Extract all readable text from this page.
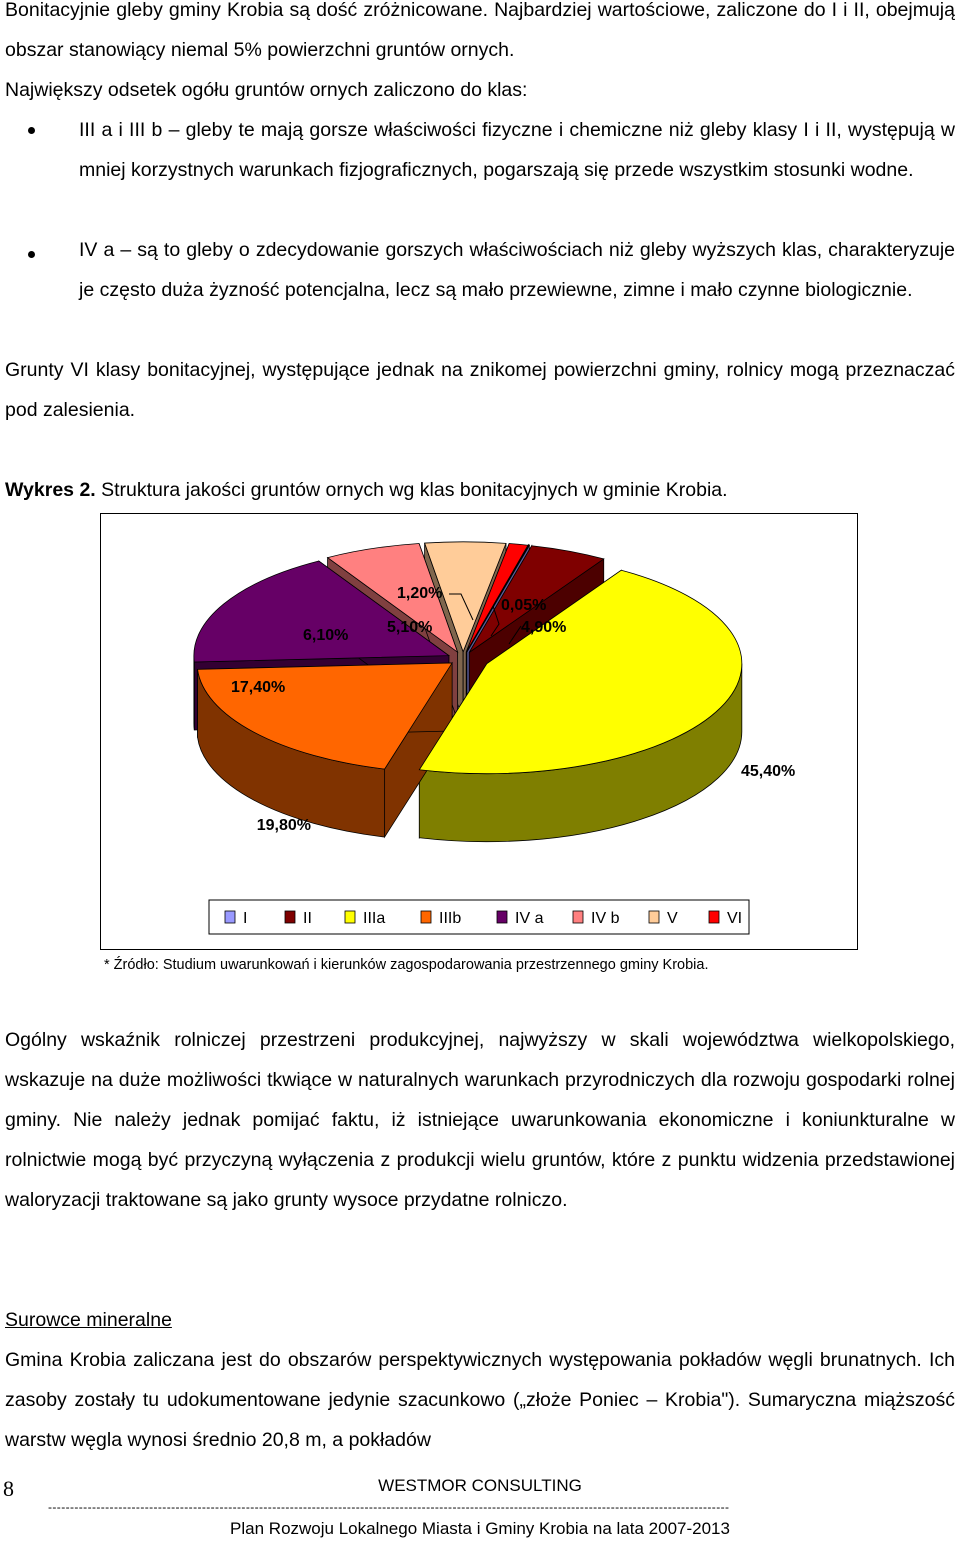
Bonitacyjnie gleby gminy Krobia są dość zróżnicowane. Najbardziej wartościowe, zaliczone do I i II, obejmują obszar stanowiący niemal 5% powierzchni gruntów ornych.

Największy odsetek ogółu gruntów ornych zaliczono do klas:

III a i III b – gleby te mają gorsze właściwości fizyczne i chemiczne niż gleby klasy I i II, występują w mniej korzystnych warunkach fizjograficznych, pogarszają się przede wszystkim stosunki wodne.

IV a – są to gleby o zdecydowanie gorszych właściwościach niż gleby wyższych klas, charakteryzuje je często duża żyzność potencjalna, lecz są mało przewiewne, zimne i mało czynne biologicznie.

Grunty VI klasy bonitacyjnej, występujące jednak na znikomej powierzchni gminy, rolnicy mogą przeznaczać pod zalesienia.

Wykres 2. Struktura jakości gruntów ornych wg klas bonitacyjnych w gminie Krobia.
0,05%
4,90%
45,40%
19,80%
17,40%
6,10% 5,10%
1,20%
I	II	IIIa	IIIb	IV a	IV b	V	VI
* Źródło: Studium uwarunkowań i kierunków zagospodarowania przestrzennego gminy Krobia.

Ogólny wskaźnik rolniczej przestrzeni produkcyjnej, najwyższy w skali województwa wielkopolskiego, wskazuje na duże możliwości tkwiące w naturalnych warunkach przyrodniczych dla rozwoju gospodarki rolnej gminy. Nie należy jednak pomijać faktu, iż istniejące uwarunkowania ekonomiczne i koniunkturalne w rolnictwie mogą być przyczyną wyłączenia z produkcji wielu gruntów, które z punktu widzenia przedstawionej waloryzacji traktowane są jako grunty wysoce przydatne rolniczo.

Surowce mineralne

Gmina Krobia zaliczana jest do obszarów perspektywicznych występowania pokładów węgli brunatnych. Ich zasoby zostały tu udokumentowane jedynie szacunkowo („złoże Poniec – Krobia"). Sumaryczna miąższość warstw węgla wynosi średnio 20,8 m, a pokładów

8	WESTMOR CONSULTING
-----------------------------------------------------------------------------------------------------------------------------------------------------------
Plan Rozwoju Lokalnego Miasta i Gminy Krobia na lata 2007-2013
